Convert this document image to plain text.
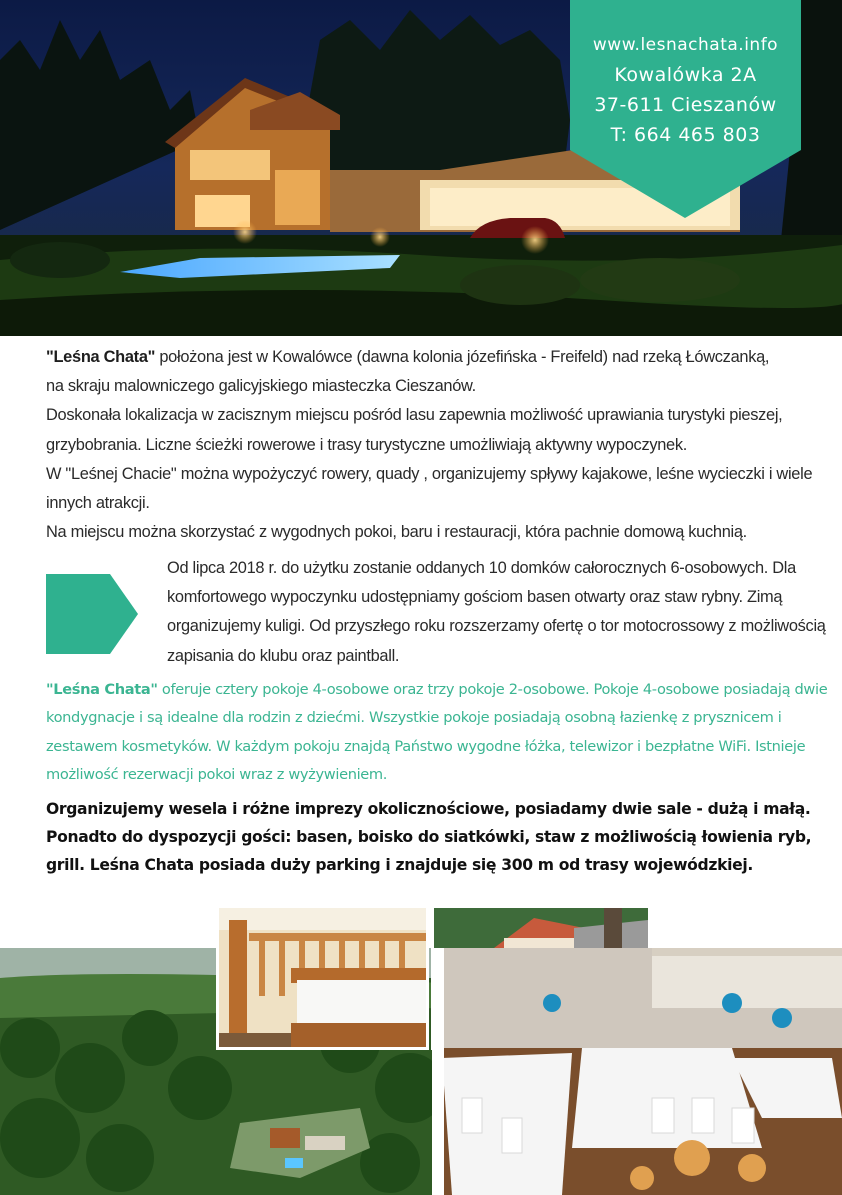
www.lesnachata.info
Kowalówka 2A
37-611 Cieszanów
T: 664 465 803

"Leśna Chata" położona jest w Kowalówce (dawna kolonia józefińska - Freifeld) nad rzeką Łówczanką,

na skraju malowniczego galicyjskiego miasteczka Cieszanów.

Doskonała lokalizacja w zacisznym miejscu pośród lasu zapewnia możliwość uprawiania turystyki pieszej, grzybobrania. Liczne ścieżki rowerowe i trasy turystyczne umożliwiają aktywny wypoczynek.

W "Leśnej Chacie" można wypożyczyć rowery, quady , organizujemy spływy kajakowe, leśne wycieczki i wiele innych atrakcji.

Na miejscu można skorzystać z wygodnych pokoi, baru i restauracji, która pachnie domową kuchnią.

Od lipca 2018 r. do użytku zostanie oddanych 10 domków całorocznych 6-osobowych. Dla komfortowego wypoczynku udostępniamy gościom basen otwarty oraz staw rybny. Zimą organizujemy kuligi. Od przyszłego roku rozszerzamy ofertę o tor motocrossowy z możliwością zapisania do klubu oraz paintball.
"Leśna Chata" oferuje cztery pokoje 4-osobowe oraz trzy pokoje 2-osobowe. Pokoje 4-osobowe posiadają dwie kondygnacje i są idealne dla rodzin z dziećmi. Wszystkie pokoje posiadają osobną łazienkę z prysznicem i zestawem kosmetyków. W każdym pokoju znajdą Państwo wygodne łóżka, telewizor i bezpłatne WiFi. Istnieje możliwość rezerwacji pokoi wraz z wyżywieniem.
Organizujemy wesela i różne imprezy okolicznościowe, posiadamy dwie sale - dużą i małą. Ponadto do dyspozycji gości: basen, boisko do siatkówki, staw z możliwością łowienia ryb, grill. Leśna Chata posiada duży parking i znajduje się 300 m od trasy wojewódzkiej.
